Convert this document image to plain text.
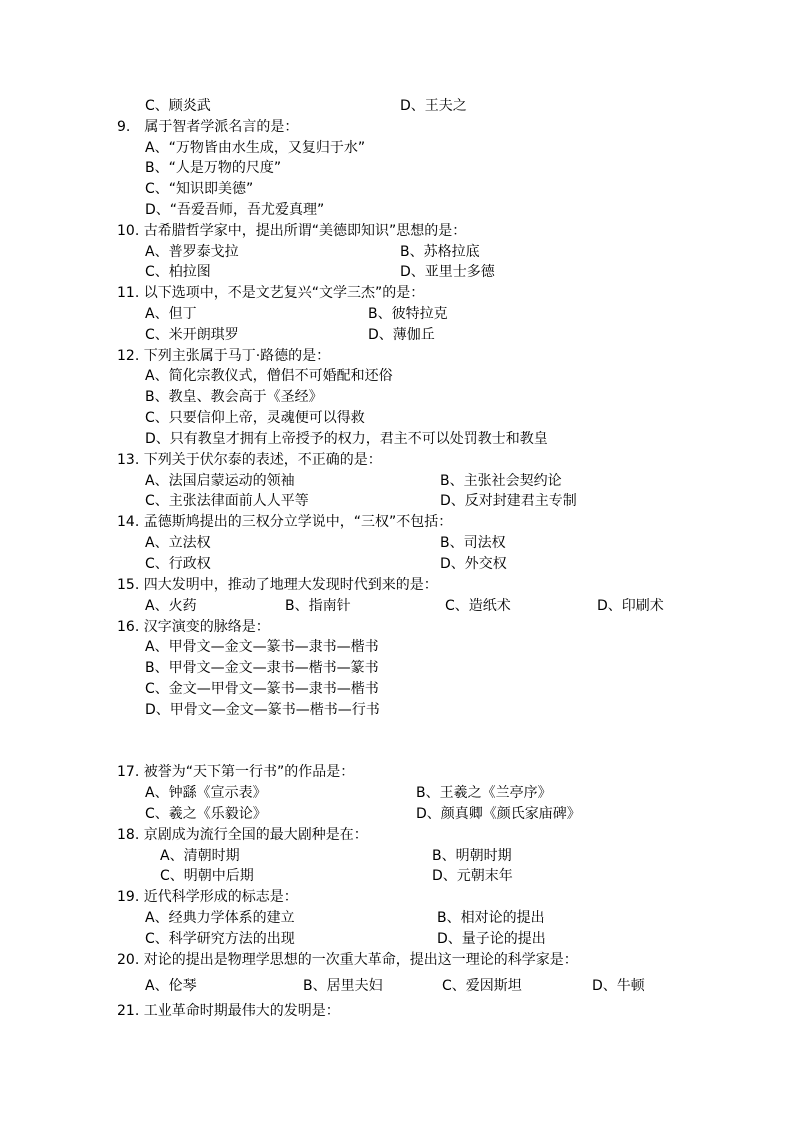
C、顾炎武	D、王夫之
9.　属于智者学派名言的是：
A、“万物皆由水生成，又复归于水”
B、“人是万物的尺度”
C、“知识即美德”
D、“吾爱吾师，吾尤爱真理”
10. 古希腊哲学家中，提出所谓“美德即知识”思想的是：
A、普罗泰戈拉	B、苏格拉底
C、柏拉图	D、亚里士多德
11. 以下选项中，不是文艺复兴“文学三杰”的是：
A、但丁	B、彼特拉克
C、米开朗琪罗	D、薄伽丘
12. 下列主张属于马丁·路德的是：
A、简化宗教仪式，僧侣不可婚配和还俗
B、教皇、教会高于《圣经》
C、只要信仰上帝，灵魂便可以得救
D、只有教皇才拥有上帝授予的权力，君主不可以处罚教士和教皇
13. 下列关于伏尔泰的表述，不正确的是：
A、法国启蒙运动的领袖	B、主张社会契约论
C、主张法律面前人人平等	D、反对封建君主专制
14. 孟德斯鸠提出的三权分立学说中，“三权”不包括：
A、立法权	B、司法权
C、行政权	D、外交权
15. 四大发明中，推动了地理大发现时代到来的是：
A、火药	B、指南针	C、造纸术	D、印刷术
16. 汉字演变的脉络是：
A、甲骨文—金文—篆书—隶书—楷书
B、甲骨文—金文—隶书—楷书—篆书
C、金文—甲骨文—篆书—隶书—楷书
D、甲骨文—金文—篆书—楷书—行书
17. 被誉为“天下第一行书”的作品是：
A、钟繇《宣示表》	B、王羲之《兰亭序》
C、羲之《乐毅论》	D、颜真卿《颜氏家庙碑》
18. 京剧成为流行全国的最大剧种是在：
A、清朝时期	B、明朝时期
C、明朝中后期	D、元朝末年
19. 近代科学形成的标志是：
A、经典力学体系的建立	B、相对论的提出
C、科学研究方法的出现	D、量子论的提出
20. 对论的提出是物理学思想的一次重大革命，提出这一理论的科学家是：
A、伦琴	B、居里夫妇	C、爱因斯坦	D、牛顿
21. 工业革命时期最伟大的发明是：
